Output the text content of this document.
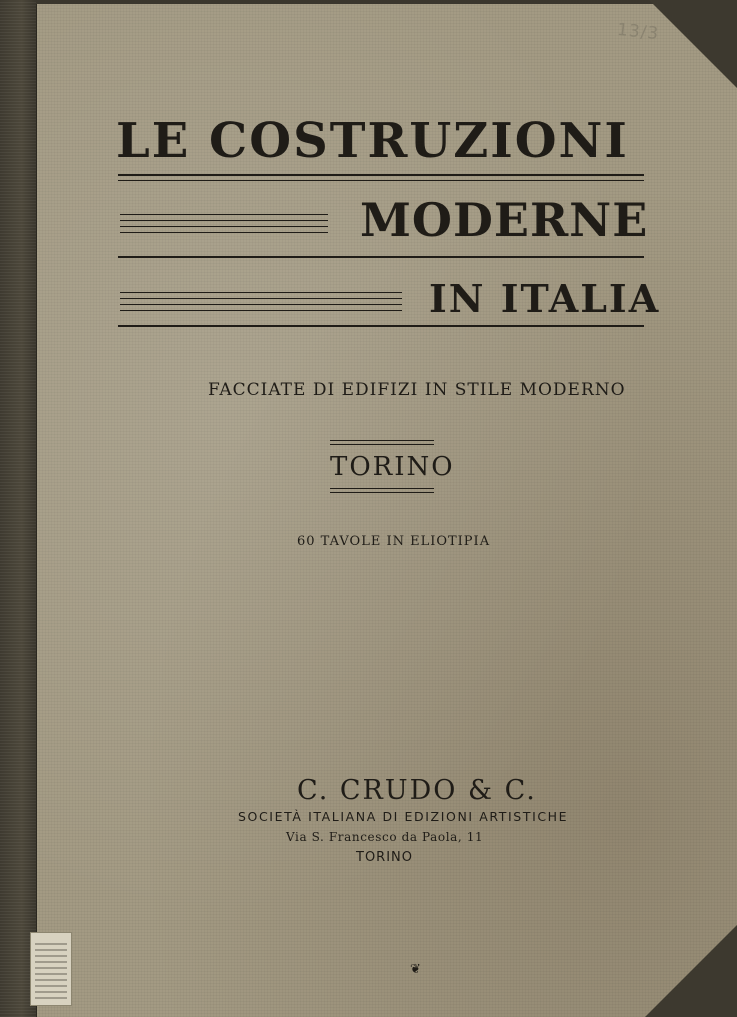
13/3
LE COSTRUZIONI
MODERNE
IN ITALIA
FACCIATE DI EDIFIZI IN STILE MODERNO
TORINO
60 TAVOLE IN ELIOTIPIA
C. CRUDO & C.
SOCIETÀ ITALIANA DI EDIZIONI ARTISTICHE
Via S. Francesco da Paola, 11
TORINO
❦
